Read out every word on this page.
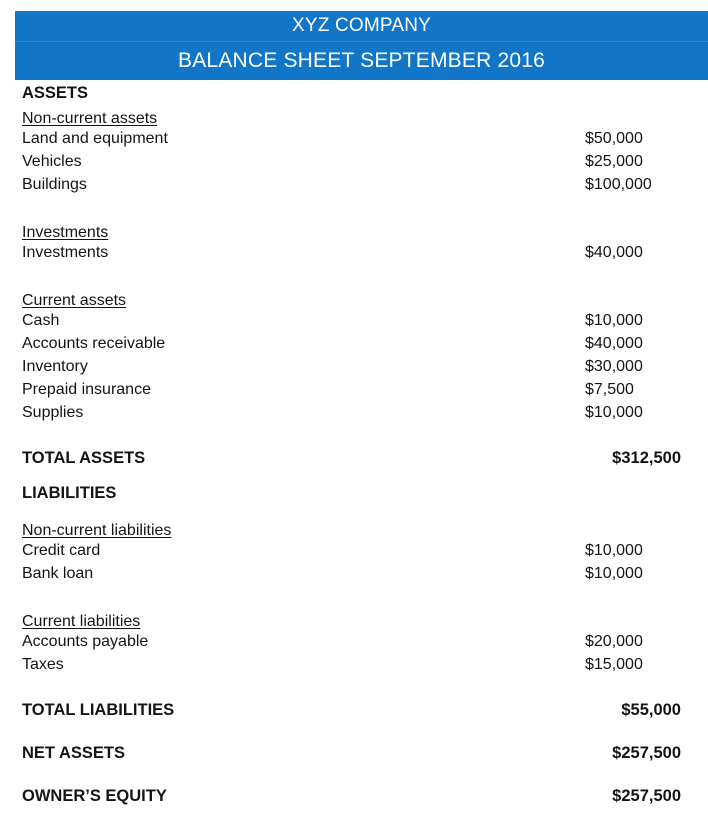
XYZ COMPANY
BALANCE SHEET SEPTEMBER 2016
ASSETS
Non-current assets
Land and equipment	$50,000
Vehicles	$25,000
Buildings	$100,000
Investments
Investments	$40,000
Current assets
Cash	$10,000
Accounts receivable	$40,000
Inventory	$30,000
Prepaid insurance	$7,500
Supplies	$10,000
TOTAL ASSETS	$312,500
LIABILITIES
Non-current liabilities
Credit card	$10,000
Bank loan	$10,000
Current liabilities
Accounts payable	$20,000
Taxes	$15,000
TOTAL LIABILITIES	$55,000
NET ASSETS	$257,500
OWNER’S EQUITY	$257,500
